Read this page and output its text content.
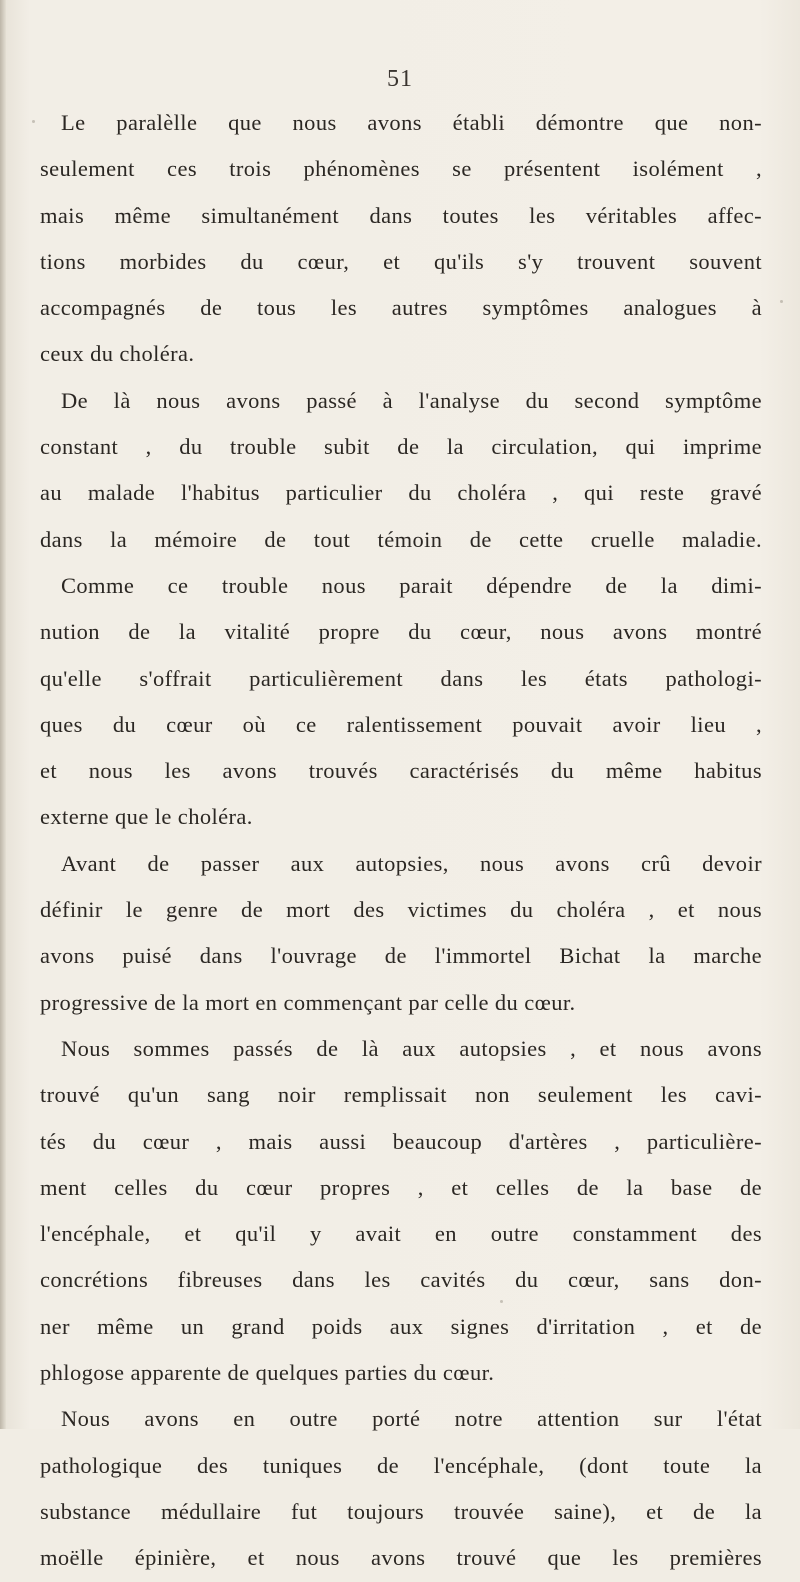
51
Le paralèlle que nous avons établi démontre que non-
seulement ces trois phénomènes se présentent isolément ,
mais même simultanément dans toutes les véritables affec-
tions morbides du cœur, et qu'ils s'y trouvent souvent
accompagnés de tous les autres symptômes analogues à
ceux du choléra.
De là nous avons passé à l'analyse du second symptôme
constant , du trouble subit de la circulation, qui imprime
au malade l'habitus particulier du choléra , qui reste gravé
dans la mémoire de tout témoin de cette cruelle maladie.
Comme ce trouble nous parait dépendre de la dimi-
nution de la vitalité propre du cœur, nous avons montré
qu'elle s'offrait particulièrement dans les états pathologi-
ques du cœur où ce ralentissement pouvait avoir lieu ,
et nous les avons trouvés caractérisés du même habitus
externe que le choléra.
Avant de passer aux autopsies, nous avons crû devoir
définir le genre de mort des victimes du choléra , et nous
avons puisé dans l'ouvrage de l'immortel Bichat la marche
progressive de la mort en commençant par celle du cœur.
Nous sommes passés de là aux autopsies , et nous avons
trouvé qu'un sang noir remplissait non seulement les cavi-
tés du cœur , mais aussi beaucoup d'artères , particulière-
ment celles du cœur propres , et celles de la base de
l'encéphale, et qu'il y avait en outre constamment des
concrétions fibreuses dans les cavités du cœur, sans don-
ner même un grand poids aux signes d'irritation , et de
phlogose apparente de quelques parties du cœur.
Nous avons en outre porté notre attention sur l'état
pathologique des tuniques de l'encéphale, (dont toute la
substance médullaire fut toujours trouvée saine), et de la
moëlle épinière, et nous avons trouvé que les premières
